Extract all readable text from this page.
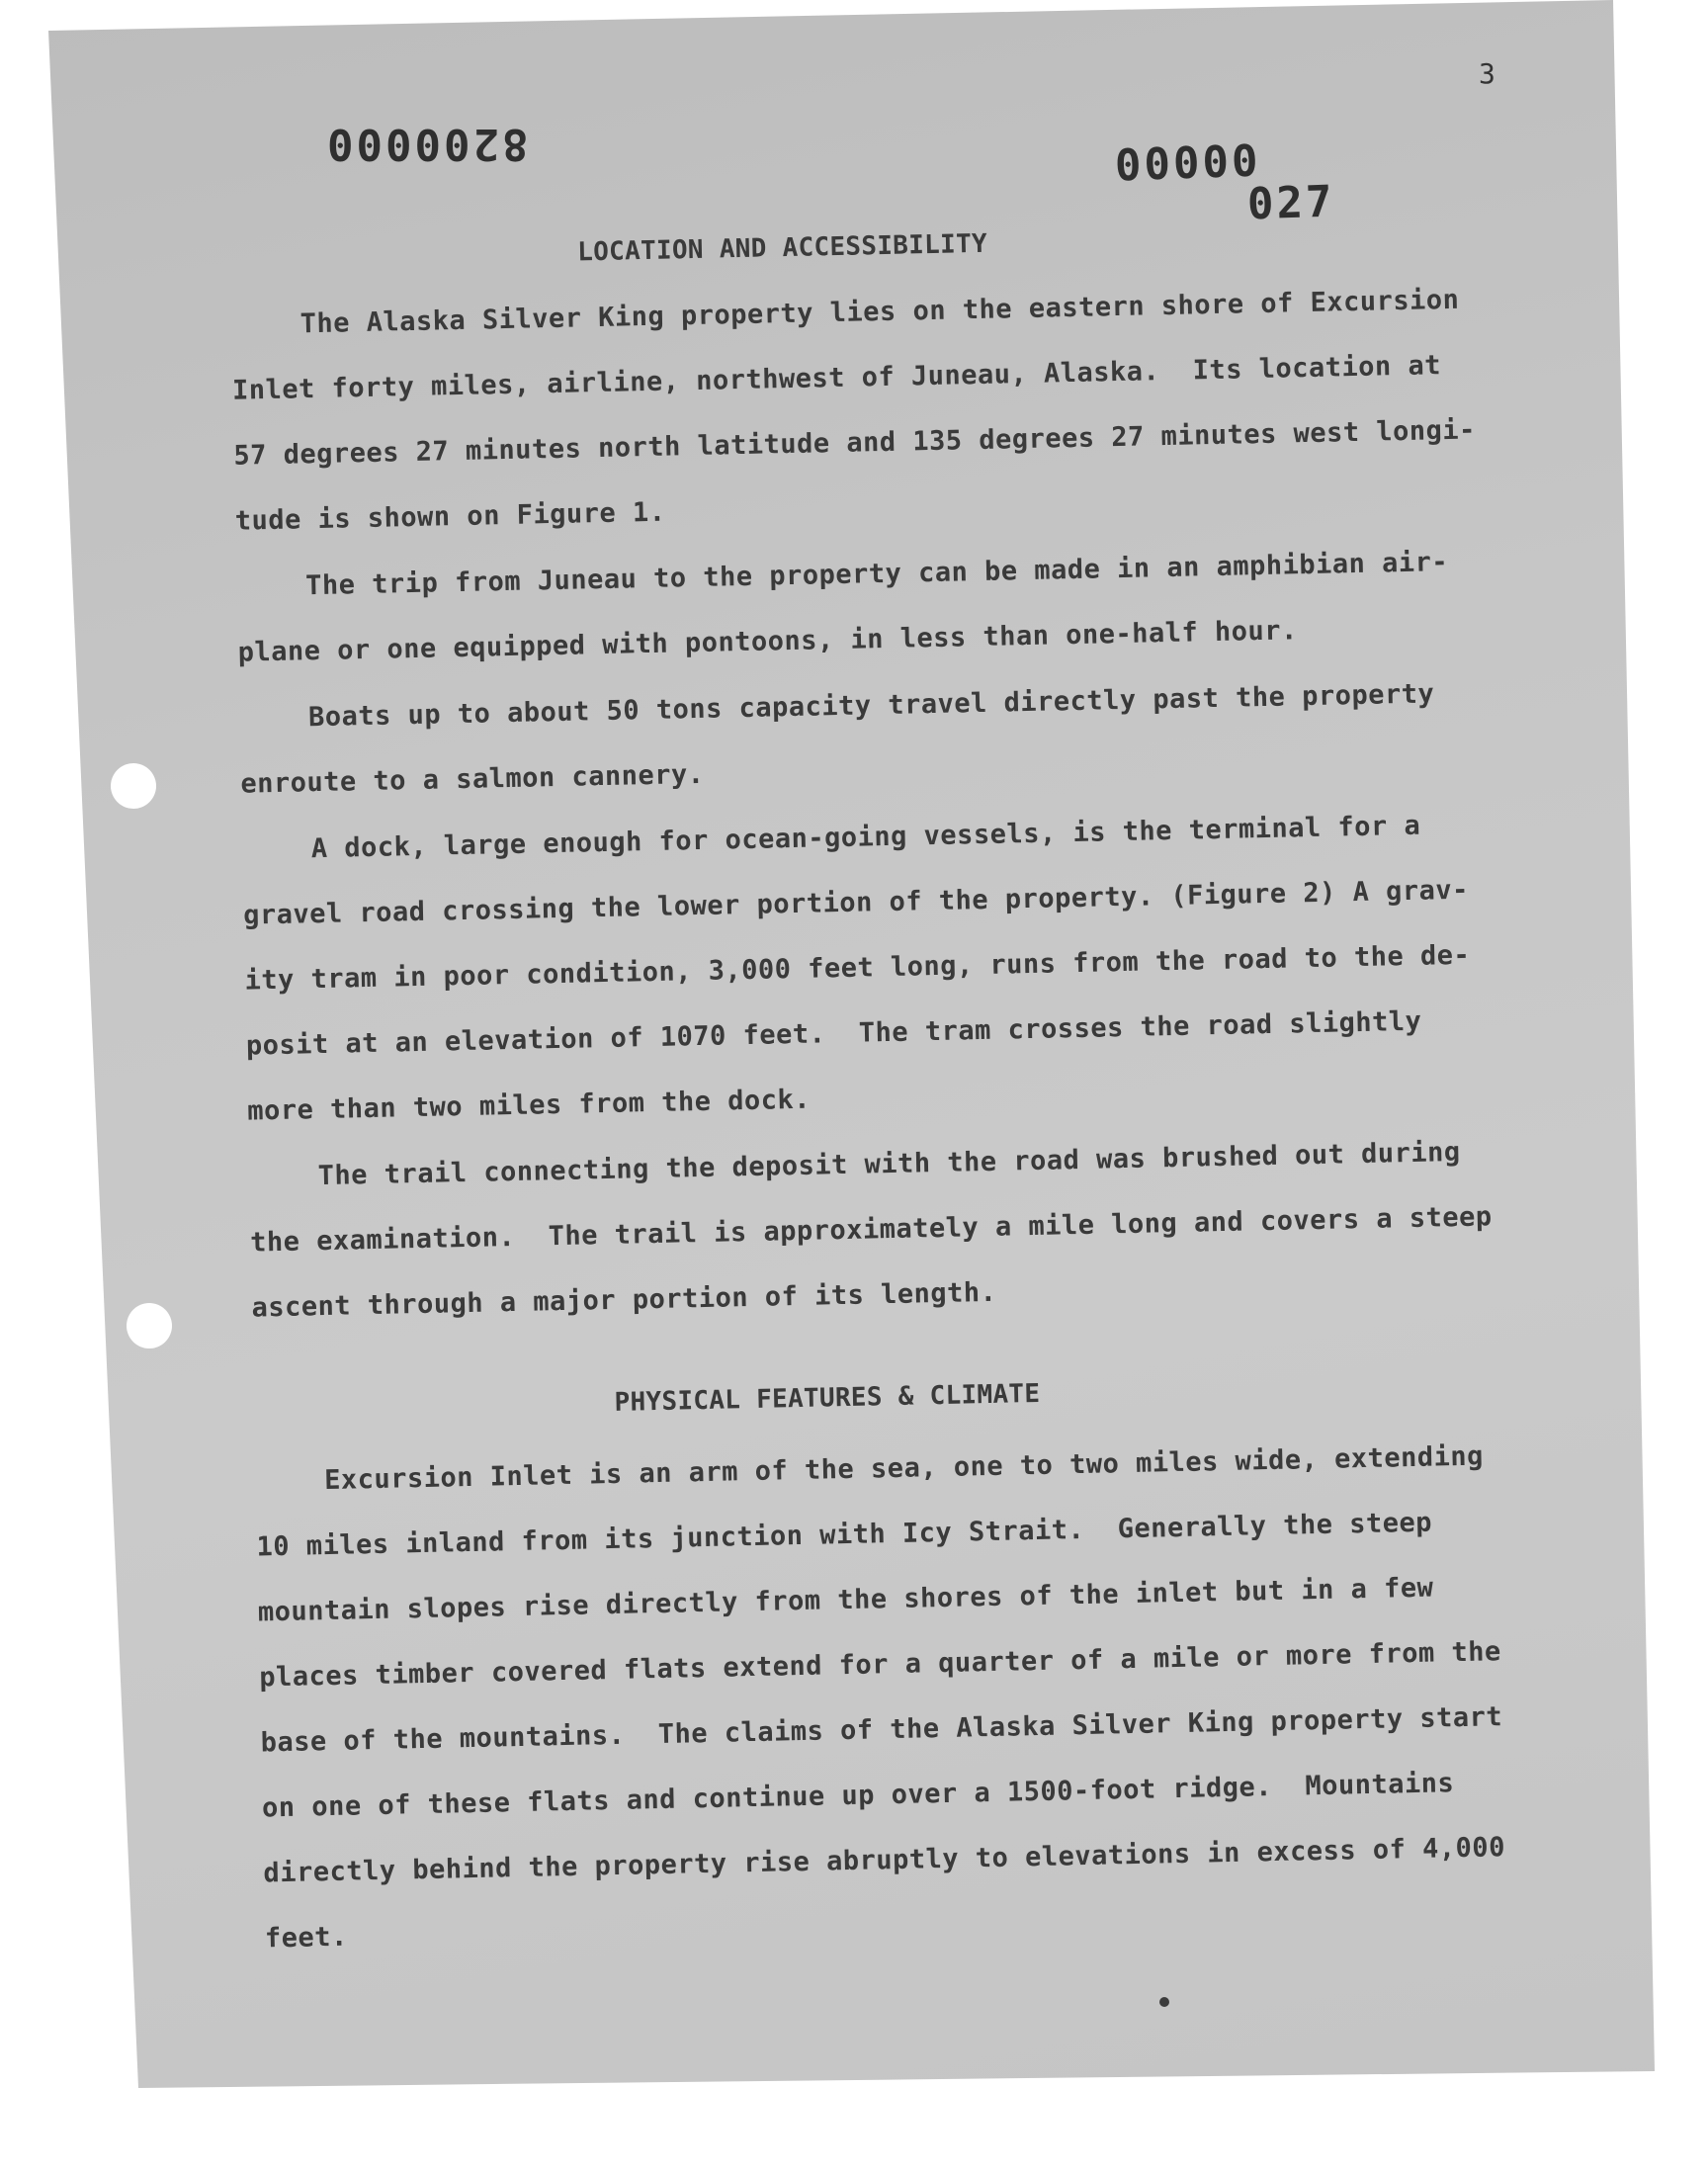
3
8200000	00000
027
LOCATION AND ACCESSIBILITY
The Alaska Silver King property lies on the eastern shore of Excursion
Inlet forty miles, airline, northwest of Juneau, Alaska.  Its location at
57 degrees 27 minutes north latitude and 135 degrees 27 minutes west longi-
tude is shown on Figure 1.
The trip from Juneau to the property can be made in an amphibian air-
plane or one equipped with pontoons, in less than one-half hour.
Boats up to about 50 tons capacity travel directly past the property
enroute to a salmon cannery.
A dock, large enough for ocean-going vessels, is the terminal for a
gravel road crossing the lower portion of the property. (Figure 2) A grav-
ity tram in poor condition, 3,000 feet long, runs from the road to the de-
posit at an elevation of 1070 feet.  The tram crosses the road slightly
more than two miles from the dock.
The trail connecting the deposit with the road was brushed out during
the examination.  The trail is approximately a mile long and covers a steep
ascent through a major portion of its length.
PHYSICAL FEATURES & CLIMATE
Excursion Inlet is an arm of the sea, one to two miles wide, extending
10 miles inland from its junction with Icy Strait.  Generally the steep
mountain slopes rise directly from the shores of the inlet but in a few
places timber covered flats extend for a quarter of a mile or more from the
base of the mountains.  The claims of the Alaska Silver King property start
on one of these flats and continue up over a 1500-foot ridge.  Mountains
directly behind the property rise abruptly to elevations in excess of 4,000
feet.
